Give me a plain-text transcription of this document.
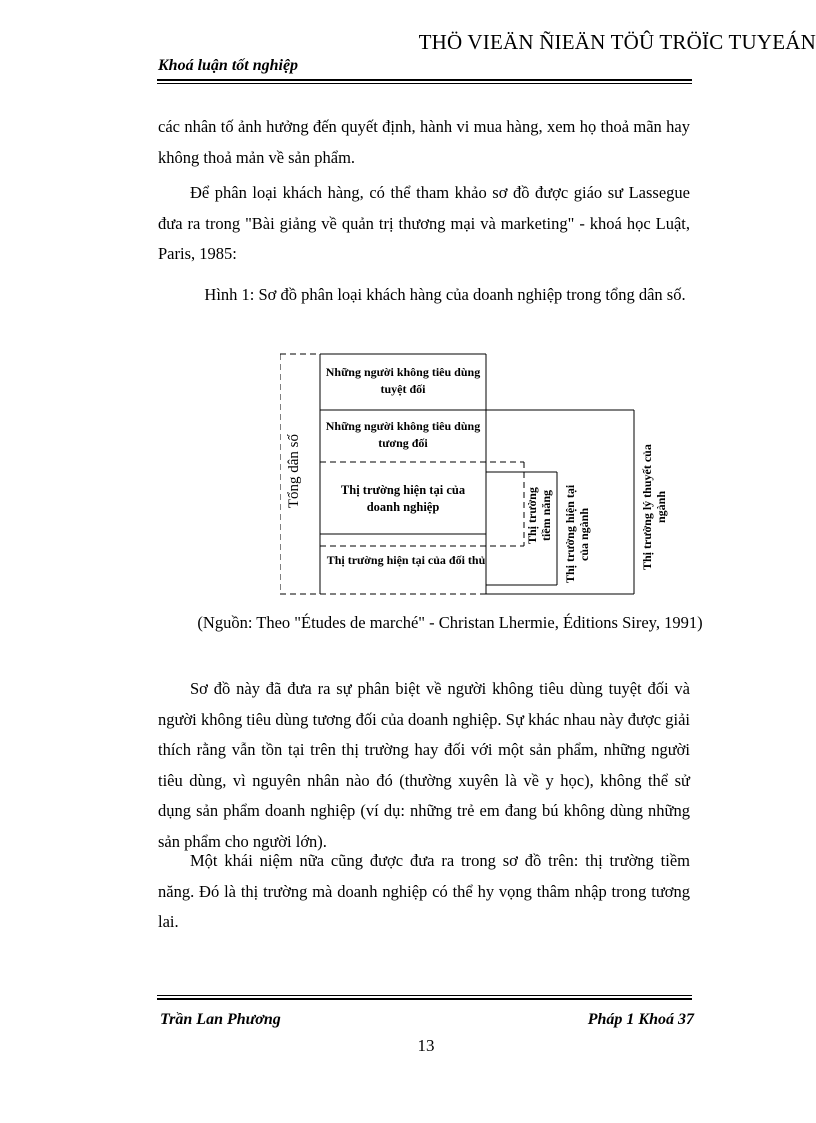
THÖ VIEÄN ÑIEÄN TÖÛ TRÖÏC TUYEÁN
Khoá luận tốt nghiệp

các nhân tố ảnh hưởng đến quyết định, hành vi mua hàng, xem họ thoả mãn hay không thoả mản về sản phẩm.

Để phân loại khách hàng, có thể tham khảo sơ đồ được giáo sư Lassegue đưa ra trong "Bài giảng về quản trị thương mại và marketing" - khoá học Luật, Paris, 1985:

Hình 1: Sơ đồ phân loại khách hàng của doanh nghiệp trong tổng dân số.
Những người không tiêu dùng tuyệt đối
Những người không tiêu dùng tương đối
Thị trường hiện tại của doanh nghiệp
Thị trường hiện tại của đối thủ
Tổng dân số
Thị trường tiềm năng Thị trường hiện tại của ngành	Thị trường lý thuyết của ngành
(Nguồn: Theo "Études de marché" - Christan Lhermie, Éditions Sirey, 1991)

Sơ đồ này đã đưa ra sự phân biệt về người không tiêu dùng tuyệt đối và người không tiêu dùng tương đối của doanh nghiệp. Sự khác nhau này được giải thích rằng vẫn tồn tại trên thị trường hay đối với một sản phẩm, những người tiêu dùng, vì nguyên nhân nào đó (thường xuyên là về y học), không thể sử dụng sản phẩm doanh nghiệp (ví dụ: những trẻ em đang bú không dùng những sản phẩm cho người lớn).

Một khái niệm nữa cũng được đưa ra trong sơ đồ trên: thị trường tiềm năng. Đó là thị trường mà doanh nghiệp có thể hy vọng thâm nhập trong tương lai.

Trần Lan Phương	Pháp 1 Khoá 37
13
